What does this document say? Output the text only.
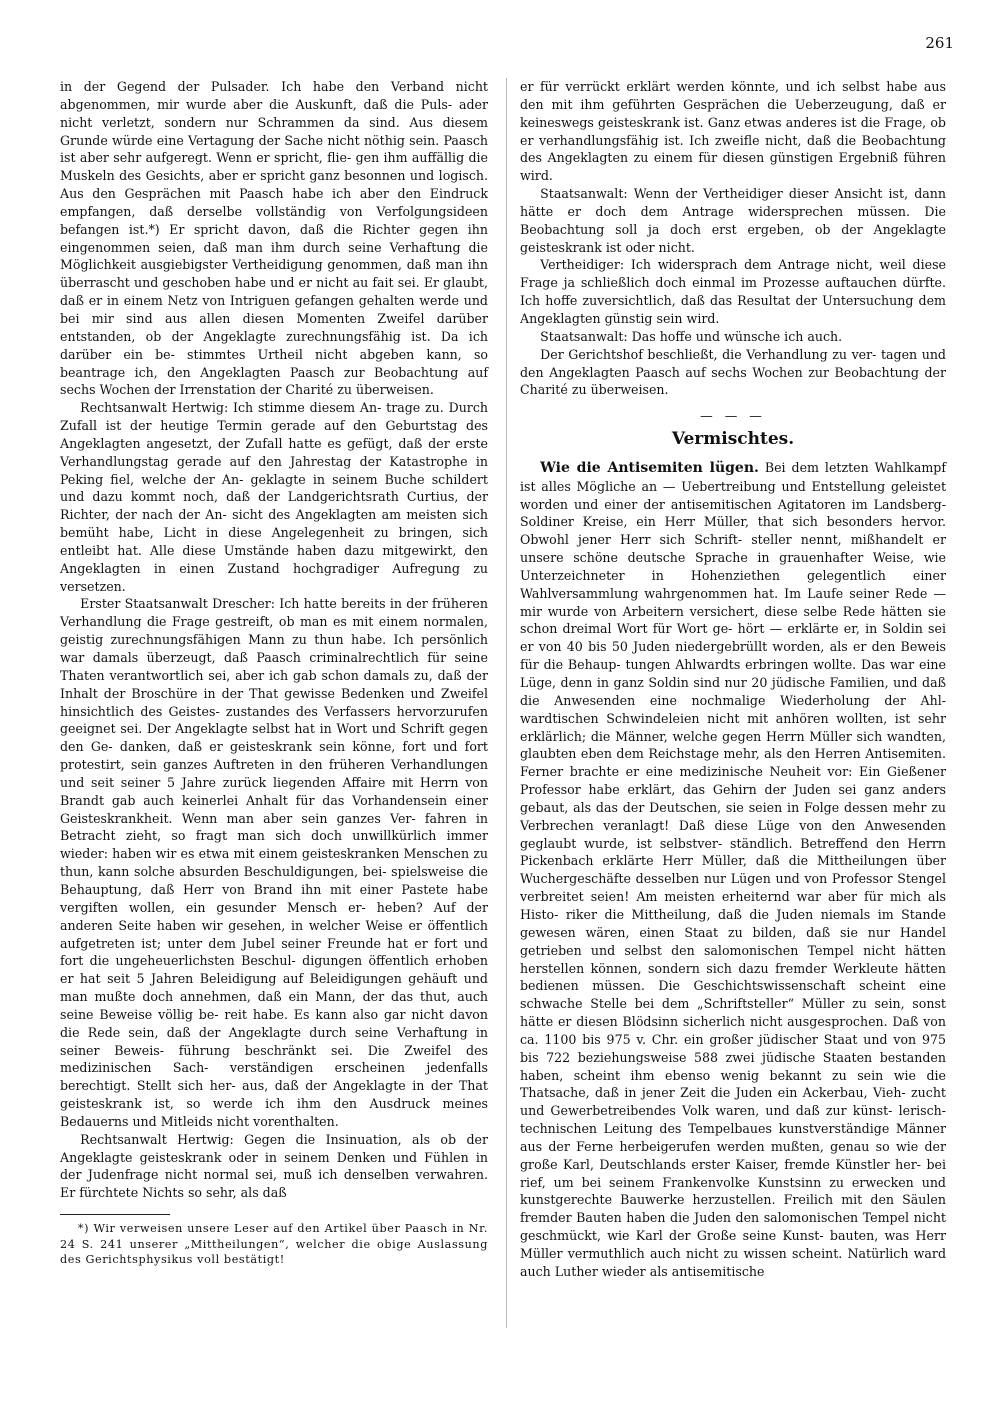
261

in der Gegend der Pulsader. Ich habe den Verband nicht abgenommen, mir wurde aber die Auskunft, daß die Puls- ader nicht verletzt, sondern nur Schrammen da sind. Aus diesem Grunde würde eine Vertagung der Sache nicht nöthig sein. Paasch ist aber sehr aufgeregt. Wenn er spricht, flie- gen ihm auffällig die Muskeln des Gesichts, aber er spricht ganz besonnen und logisch. Aus den Gesprächen mit Paasch habe ich aber den Eindruck empfangen, daß derselbe vollständig von Verfolgungsideen befangen ist.*) Er spricht davon, daß die Richter gegen ihn eingenommen seien, daß man ihm durch seine Verhaftung die Möglichkeit ausgiebigster Vertheidigung genommen, daß man ihn überrascht und geschoben habe und er nicht au fait sei. Er glaubt, daß er in einem Netz von Intriguen gefangen gehalten werde und bei mir sind aus allen diesen Momenten Zweifel darüber entstanden, ob der Angeklagte zurechnungsfähig ist. Da ich darüber ein be- stimmtes Urtheil nicht abgeben kann, so beantrage ich, den Angeklagten Paasch zur Beobachtung auf sechs Wochen der Irrenstation der Charité zu überweisen.

Rechtsanwalt Hertwig: Ich stimme diesem An- trage zu. Durch Zufall ist der heutige Termin gerade auf den Geburtstag des Angeklagten angesetzt, der Zufall hatte es gefügt, daß der erste Verhandlungstag gerade auf den Jahrestag der Katastrophe in Peking fiel, welche der An- geklagte in seinem Buche schildert und dazu kommt noch, daß der Landgerichtsrath Curtius, der Richter, der nach der An- sicht des Angeklagten am meisten sich bemüht habe, Licht in diese Angelegenheit zu bringen, sich entleibt hat. Alle diese Umstände haben dazu mitgewirkt, den Angeklagten in einen Zustand hochgradiger Aufregung zu versetzen.

Erster Staatsanwalt Drescher: Ich hatte bereits in der früheren Verhandlung die Frage gestreift, ob man es mit einem normalen, geistig zurechnungsfähigen Mann zu thun habe. Ich persönlich war damals überzeugt, daß Paasch criminalrechtlich für seine Thaten verantwortlich sei, aber ich gab schon damals zu, daß der Inhalt der Broschüre in der That gewisse Bedenken und Zweifel hinsichtlich des Geistes- zustandes des Verfassers hervorzurufen geeignet sei. Der Angeklagte selbst hat in Wort und Schrift gegen den Ge- danken, daß er geisteskrank sein könne, fort und fort protestirt, sein ganzes Auftreten in den früheren Verhandlungen und seit seiner 5 Jahre zurück liegenden Affaire mit Herrn von Brandt gab auch keinerlei Anhalt für das Vorhandensein einer Geisteskrankheit. Wenn man aber sein ganzes Ver- fahren in Betracht zieht, so fragt man sich doch unwillkürlich immer wieder: haben wir es etwa mit einem geisteskranken Menschen zu thun, kann solche absurden Beschuldigungen, bei- spielsweise die Behauptung, daß Herr von Brand ihn mit einer Pastete habe vergiften wollen, ein gesunder Mensch er- heben? Auf der anderen Seite haben wir gesehen, in welcher Weise er öffentlich aufgetreten ist; unter dem Jubel seiner Freunde hat er fort und fort die ungeheuerlichsten Beschul- digungen öffentlich erhoben er hat seit 5 Jahren Beleidigung auf Beleidigungen gehäuft und man mußte doch annehmen, daß ein Mann, der das thut, auch seine Beweise völlig be- reit habe. Es kann also gar nicht davon die Rede sein, daß der Angeklagte durch seine Verhaftung in seiner Beweis- führung beschränkt sei. Die Zweifel des medizinischen Sach- verständigen erscheinen jedenfalls berechtigt. Stellt sich her- aus, daß der Angeklagte in der That geisteskrank ist, so werde ich ihm den Ausdruck meines Bedauerns und Mitleids nicht vorenthalten.

Rechtsanwalt Hertwig: Gegen die Insinuation, als ob der Angeklagte geisteskrank oder in seinem Denken und Fühlen in der Judenfrage nicht normal sei, muß ich denselben verwahren. Er fürchtete Nichts so sehr, als daß

*) Wir verweisen unsere Leser auf den Artikel über Paasch in Nr. 24 S. 241 unserer „Mittheilungen“, welcher die obige Auslassung des Gerichtsphysikus voll bestätigt!

er für verrückt erklärt werden könnte, und ich selbst habe aus den mit ihm geführten Gesprächen die Ueberzeugung, daß er keineswegs geisteskrank ist. Ganz etwas anderes ist die Frage, ob er verhandlungsfähig ist. Ich zweifle nicht, daß die Beobachtung des Angeklagten zu einem für diesen günstigen Ergebniß führen wird.

Staatsanwalt: Wenn der Vertheidiger dieser Ansicht ist, dann hätte er doch dem Antrage widersprechen müssen. Die Beobachtung soll ja doch erst ergeben, ob der Angeklagte geisteskrank ist oder nicht.

Vertheidiger: Ich widersprach dem Antrage nicht, weil diese Frage ja schließlich doch einmal im Prozesse auftauchen dürfte. Ich hoffe zuversichtlich, daß das Resultat der Untersuchung dem Angeklagten günstig sein wird.

Staatsanwalt: Das hoffe und wünsche ich auch.

Der Gerichtshof beschließt, die Verhandlung zu ver- tagen und den Angeklagten Paasch auf sechs Wochen zur Beobachtung der Charité zu überweisen.

— — —
Vermischtes.

Wie die Antisemiten lügen. Bei dem letzten Wahlkampf ist alles Mögliche an — Uebertreibung und Entstellung geleistet worden und einer der antisemitischen Agitatoren im Landsberg-Soldiner Kreise, ein Herr Müller, that sich besonders hervor. Obwohl jener Herr sich Schrift- steller nennt, mißhandelt er unsere schöne deutsche Sprache in grauenhafter Weise, wie Unterzeichneter in Hohenziethen gelegentlich einer Wahlversammlung wahrgenommen hat. Im Laufe seiner Rede — mir wurde von Arbeitern versichert, diese selbe Rede hätten sie schon dreimal Wort für Wort ge- hört — erklärte er, in Soldin sei er von 40 bis 50 Juden niedergebrüllt worden, als er den Beweis für die Behaup- tungen Ahlwardts erbringen wollte. Das war eine Lüge, denn in ganz Soldin sind nur 20 jüdische Familien, und daß die Anwesenden eine nochmalige Wiederholung der Ahl- wardtischen Schwindeleien nicht mit anhören wollten, ist sehr erklärlich; die Männer, welche gegen Herrn Müller sich wandten, glaubten eben dem Reichstage mehr, als den Herren Antisemiten. Ferner brachte er eine medizinische Neuheit vor: Ein Gießener Professor habe erklärt, das Gehirn der Juden sei ganz anders gebaut, als das der Deutschen, sie seien in Folge dessen mehr zu Verbrechen veranlagt! Daß diese Lüge von den Anwesenden geglaubt wurde, ist selbstver- ständlich. Betreffend den Herrn Pickenbach erklärte Herr Müller, daß die Mittheilungen über Wuchergeschäfte desselben nur Lügen und von Professor Stengel verbreitet seien! Am meisten erheiternd war aber für mich als Histo- riker die Mittheilung, daß die Juden niemals im Stande gewesen wären, einen Staat zu bilden, daß sie nur Handel getrieben und selbst den salomonischen Tempel nicht hätten herstellen können, sondern sich dazu fremder Werkleute hätten bedienen müssen. Die Geschichtswissenschaft scheint eine schwache Stelle bei dem „Schriftsteller“ Müller zu sein, sonst hätte er diesen Blödsinn sicherlich nicht ausgesprochen. Daß von ca. 1100 bis 975 v. Chr. ein großer jüdischer Staat und von 975 bis 722 beziehungsweise 588 zwei jüdische Staaten bestanden haben, scheint ihm ebenso wenig bekannt zu sein wie die Thatsache, daß in jener Zeit die Juden ein Ackerbau, Vieh- zucht und Gewerbetreibendes Volk waren, und daß zur künst- lerisch-technischen Leitung des Tempelbaues kunstverständige Männer aus der Ferne herbeigerufen werden mußten, genau so wie der große Karl, Deutschlands erster Kaiser, fremde Künstler her- bei rief, um bei seinem Frankenvolke Kunstsinn zu erwecken und kunstgerechte Bauwerke herzustellen. Freilich mit den Säulen fremder Bauten haben die Juden den salomonischen Tempel nicht geschmückt, wie Karl der Große seine Kunst- bauten, was Herr Müller vermuthlich auch nicht zu wissen scheint. Natürlich ward auch Luther wieder als antisemitische
